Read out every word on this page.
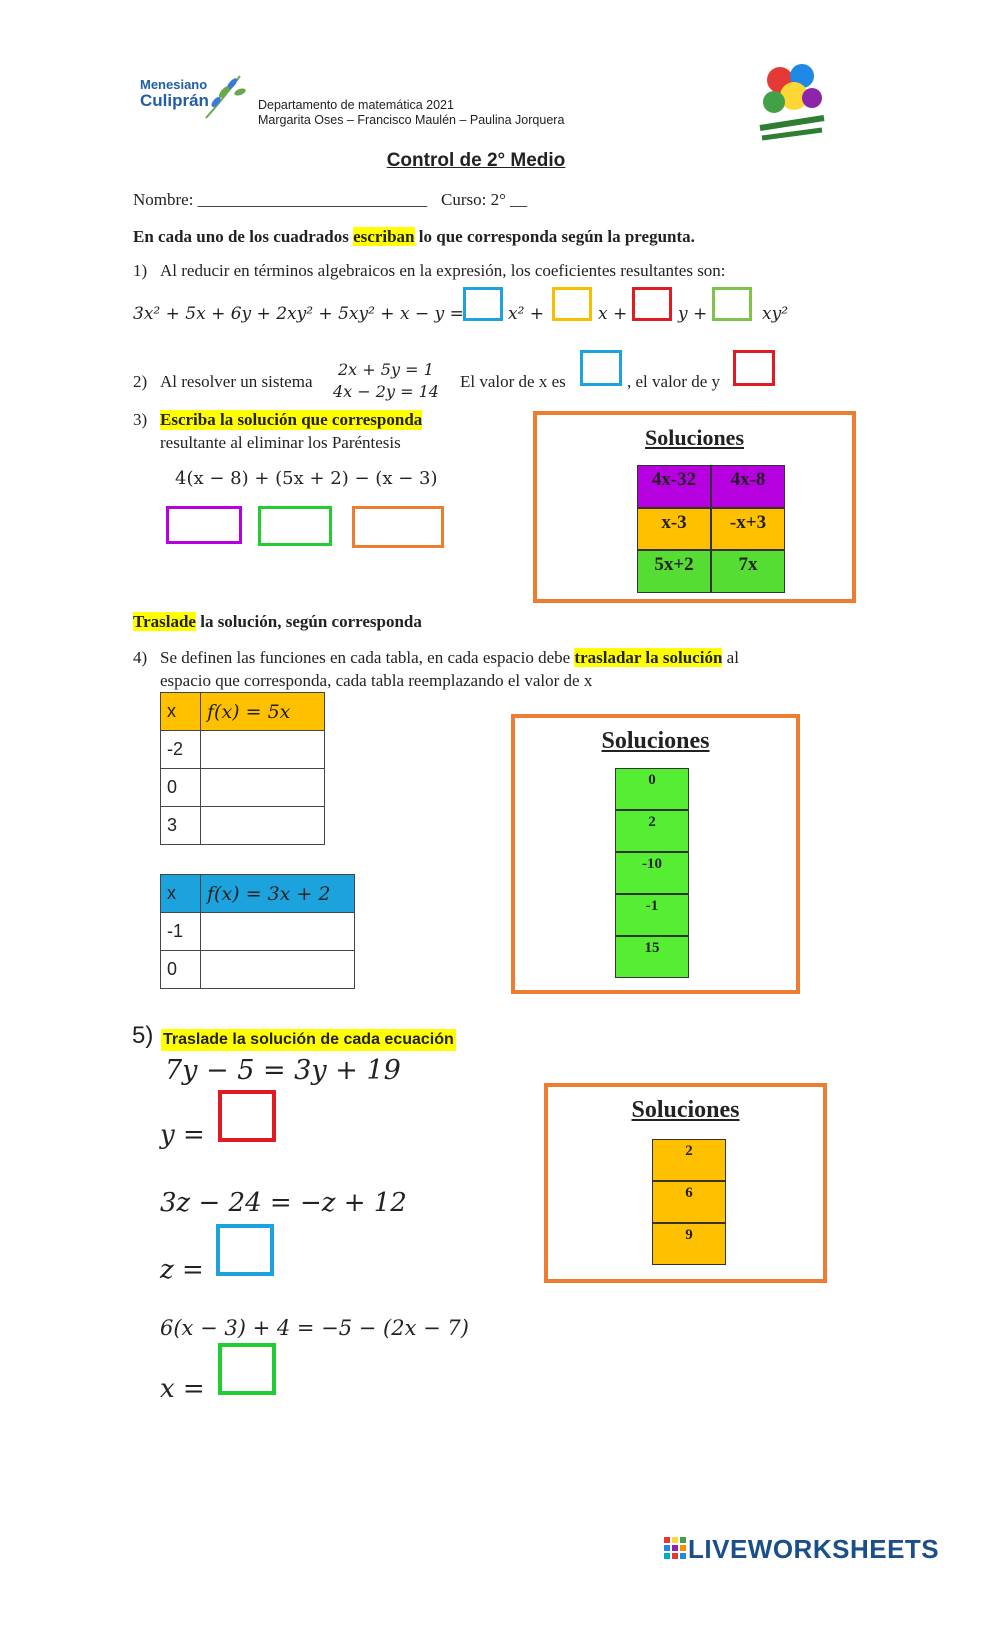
Menesiano
Culiprán	Departamento de matemática 2021
Margarita Oses – Francisco Maulén – Paulina Jorquera
Control de 2° Medio
Nombre: ___________________________ Curso: 2° __
En cada uno de los cuadrados escriban lo que corresponda según la pregunta.
1) Al reducir en términos algebraicos en la expresión, los coeficientes resultantes son:
3x² + 5x + 6y + 2xy² + 5xy² + x − y =	x² +	x +	y +	xy²
2) Al resolver un sistema
2x + 5y = 1
4x − 2y = 14
El valor de x es	, el valor de y
3) Escriba la solución que corresponda
resultante al eliminar los Paréntesis
4(x − 8) + (5x + 2) − (x − 3)
Soluciones
4x-32	4x-8
x-3	-x+3
5x+2	7x
Traslade la solución, según corresponda
4) Se definen las funciones en cada tabla, en cada espacio debe trasladar la solución al
espacio que corresponda, cada tabla reemplazando el valor de x
x	f(x) = 5x
-2	
0	
3	
x	f(x) = 3x + 2
-1	
0	
Soluciones
0
2
-10
-1
15
5) Traslade la solución de cada ecuación
7y − 5 = 3y + 19
y =
3z − 24 = −z + 12
z =
6(x − 3) + 4 = −5 − (2x − 7)
x =
Soluciones
2
6
9
LIVEWORKSHEETS
